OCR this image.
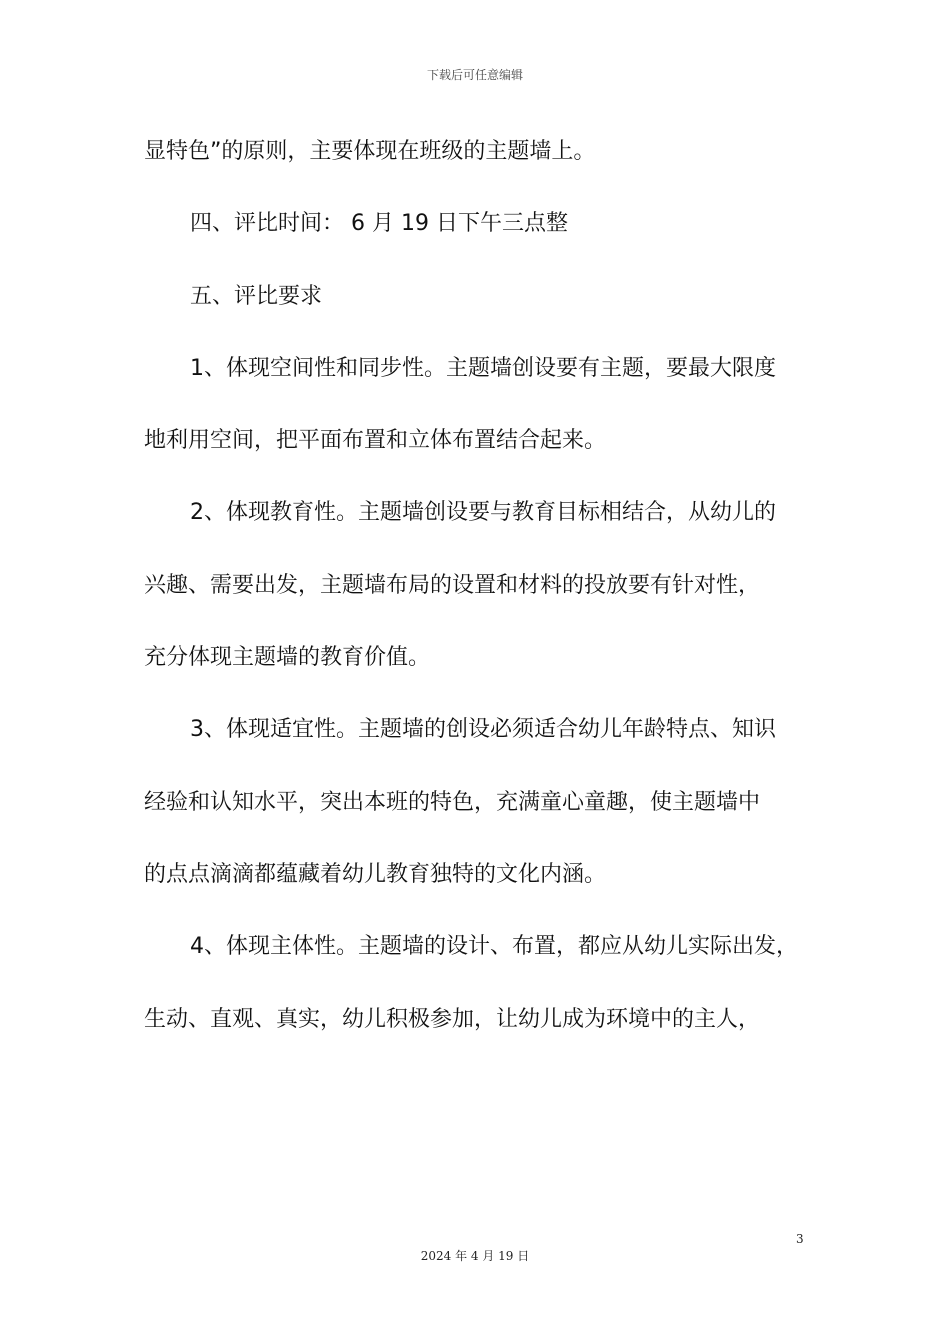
下载后可任意编辑
显特色”的原则，主要体现在班级的主题墙上。
四、评比时间： 6 月 19 日下午三点整
五、评比要求
1、体现空间性和同步性。主题墙创设要有主题，要最大限度
地利用空间，把平面布置和立体布置结合起来。
2、体现教育性。主题墙创设要与教育目标相结合，从幼儿的
兴趣、需要出发，主题墙布局的设置和材料的投放要有针对性，
充分体现主题墙的教育价值。
3、体现适宜性。主题墙的创设必须适合幼儿年龄特点、知识
经验和认知水平，突出本班的特色，充满童心童趣，使主题墙中
的点点滴滴都蕴藏着幼儿教育独特的文化内涵。
4、体现主体性。主题墙的设计、布置，都应从幼儿实际出发，
生动、直观、真实，幼儿积极参加，让幼儿成为环境中的主人，
3
2024 年 4 月 19 日
